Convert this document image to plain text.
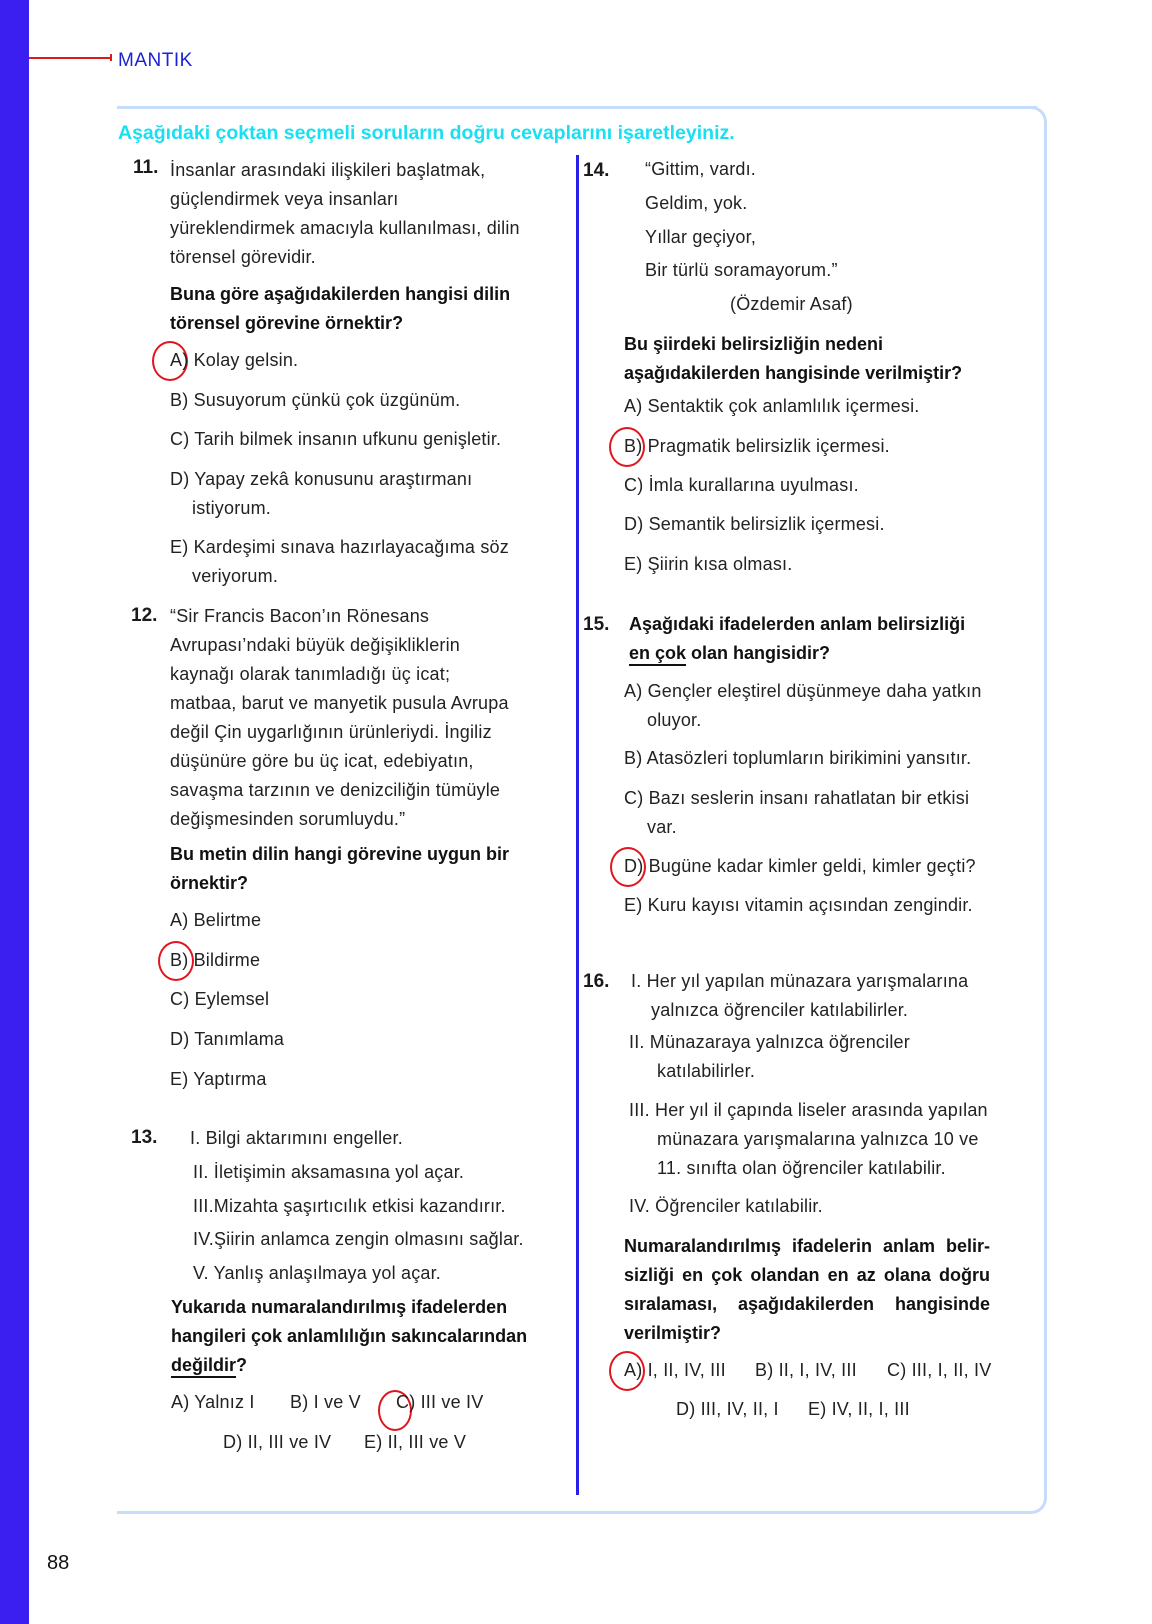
MANTIK
Aşağıdaki çoktan seçmeli soruların doğru cevaplarını işaretleyiniz.
11. İnsanlar arasındaki ilişkileri başlatmak,
güçlendirmek veya insanları
yüreklendirmek amacıyla kullanılması, dilin
törensel görevidir.
Buna göre aşağıdakilerden hangisi dilin
törensel görevine örnektir?
A) Kolay gelsin.
B) Susuyorum çünkü çok üzgünüm.
C) Tarih bilmek insanın ufkunu genişletir.
D) Yapay zekâ konusunu araştırmanı
istiyorum.
E) Kardeşimi sınava hazırlayacağıma söz
veriyorum.
12. “Sir Francis Bacon’ın Rönesans
Avrupası’ndaki büyük değişikliklerin
kaynağı olarak tanımladığı üç icat;
matbaa, barut ve manyetik pusula Avrupa
değil Çin uygarlığının ürünleriydi. İngiliz
düşünüre göre bu üç icat, edebiyatın,
savaşma tarzının ve denizciliğin tümüyle
değişmesinden sorumluydu.”
Bu metin dilin hangi görevine uygun bir
örnektir?
A) Belirtme
B) Bildirme
C) Eylemsel
D) Tanımlama
E) Yaptırma
13. I. Bilgi aktarımını engeller.
II. İletişimin aksamasına yol açar.
III.Mizahta şaşırtıcılık etkisi kazandırır.
IV.Şiirin anlamca zengin olmasını sağlar.
V. Yanlış anlaşılmaya yol açar.
Yukarıda numaralandırılmış ifadelerden
hangileri çok anlamlılığın sakıncalarından
değildir?
A) Yalnız I B) I ve V C) III ve IV
D) II, III ve IV E) II, III ve V
14. “Gittim, vardı.
Geldim, yok.
Yıllar geçiyor,
Bir türlü soramayorum.”
(Özdemir Asaf)
Bu şiirdeki belirsizliğin nedeni
aşağıdakilerden hangisinde verilmiştir?
A) Sentaktik çok anlamlılık içermesi.
B) Pragmatik belirsizlik içermesi.
C) İmla kurallarına uyulması.
D) Semantik belirsizlik içermesi.
E) Şiirin kısa olması.
15. Aşağıdaki ifadelerden anlam belirsizliği
en çok olan hangisidir?
A) Gençler eleştirel düşünmeye daha yatkın
oluyor.
B) Atasözleri toplumların birikimini yansıtır.
C) Bazı seslerin insanı rahatlatan bir etkisi
var.
D) Bugüne kadar kimler geldi, kimler geçti?
E) Kuru kayısı vitamin açısından zengindir.
16. I. Her yıl yapılan münazara yarışmalarına
yalnızca öğrenciler katılabilirler.
II. Münazaraya yalnızca öğrenciler
katılabilirler.
III. Her yıl il çapında liseler arasında yapılan
münazara yarışmalarına yalnızca 10 ve
11. sınıfta olan öğrenciler katılabilir.
IV. Öğrenciler katılabilir.
Numaralandırılmış ifadelerin anlam belir-
sizliği en çok olandan en az olana doğru
sıralaması, aşağıdakilerden hangisinde
verilmiştir?
A) I, II, IV, III B) II, I, IV, III C) III, I, II, IV
D) III, IV, II, I E) IV, II, I, III
88
